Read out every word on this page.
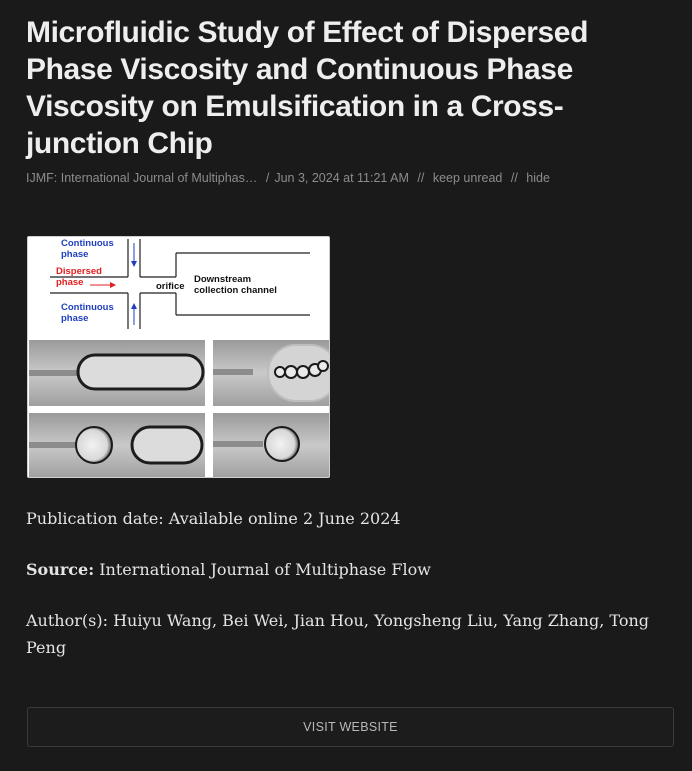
Microfluidic Study of Effect of Dispersed Phase Viscosity and Continuous Phase Viscosity on Emulsification in a Cross-junction Chip
IJMF: International Journal of Multiphas… / Jun 3, 2024 at 11:21 AM // keep unread // hide
Continuous
phase
Dispersed
phase	orifice
Downstream
collection channel
Continuous
phase

Publication date: Available online 2 June 2024

Source: International Journal of Multiphase Flow

Author(s): Huiyu Wang, Bei Wei, Jian Hou, Yongsheng Liu, Yang Zhang, Tong Peng

VISIT WEBSITE
